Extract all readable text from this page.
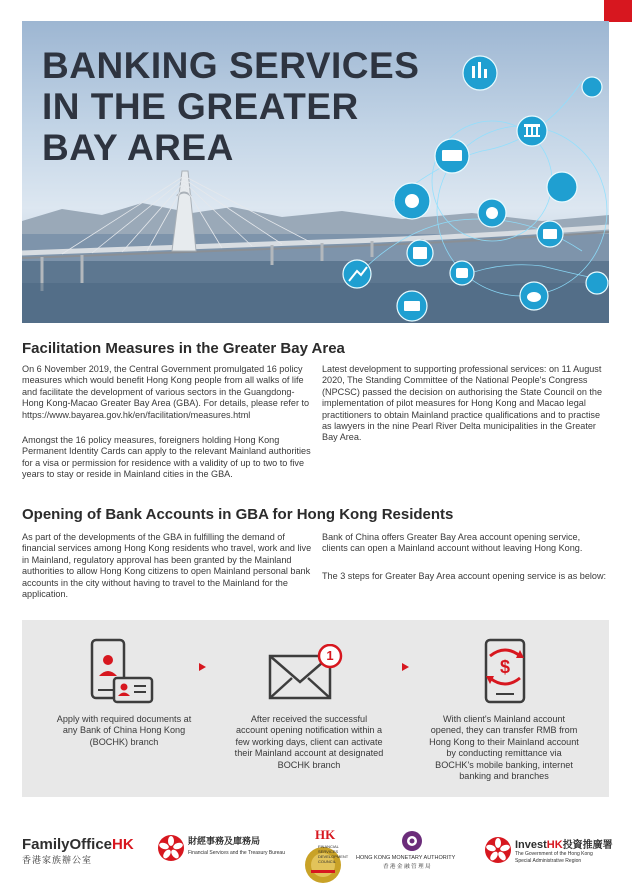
BANKING SERVICES
IN THE GREATER
BAY AREA
Facilitation Measures in the Greater Bay Area

On 6 November 2019, the Central Government promulgated 16 policy measures which would benefit Hong Kong people from all walks of life and facilitate the development of various sectors in the Guangdong-Hong Kong-Macao Greater Bay Area (GBA). For details, please refer to https://www.bayarea.gov.hk/en/facilitation/measures.html

Amongst the 16 policy measures, foreigners holding Hong Kong Permanent Identity Cards can apply to the relevant Mainland authorities for a visa or permission for residence with a validity of up to two to five years to stay or reside in Mainland cities in the GBA.

Latest development to supporting professional services: on 11 August 2020, The Standing Committee of the National People's Congress (NPCSC) passed the decision on authorising the State Council on the implementation of pilot measures for Hong Kong and Macao legal practitioners to obtain Mainland practice qualifications and to practise as lawyers in the nine Pearl River Delta municipalities in the Greater Bay Area.

Opening of Bank Accounts in GBA for Hong Kong Residents

As part of the developments of the GBA in fulfilling the demand of financial services among Hong Kong residents who travel, work and live in Mainland, regulatory approval has been granted by the Mainland authorities to allow Hong Kong citizens to open Mainland personal bank accounts in the city without having to travel to the Mainland for the application.

Bank of China offers Greater Bay Area account opening service, clients can open a Mainland account without leaving Hong Kong.

The 3 steps for Greater Bay Area account opening service is as below:

Apply with required documents at any Bank of China Hong Kong (BOCHK) branch

1

After received the successful account opening notification within a few working days, client can activate their Mainland account at designated BOCHK branch

$

With client's Mainland account opened, they can transfer RMB from Hong Kong to their Mainland account by conducting remittance via BOCHK's mobile banking, internet banking and branches

FamilyOfficeHK
香港家族辦公室
財經事務及庫務局
Financial Services and the Treasury Bureau
HK
FINANCIAL
SERVICES
DEVELOPMENT
COUNCIL
HONG KONG MONETARY AUTHORITY
香 港 金 融 管 理 局
InvestHK投資推廣署
The Government of the Hong Kong
Special Administrative Region
